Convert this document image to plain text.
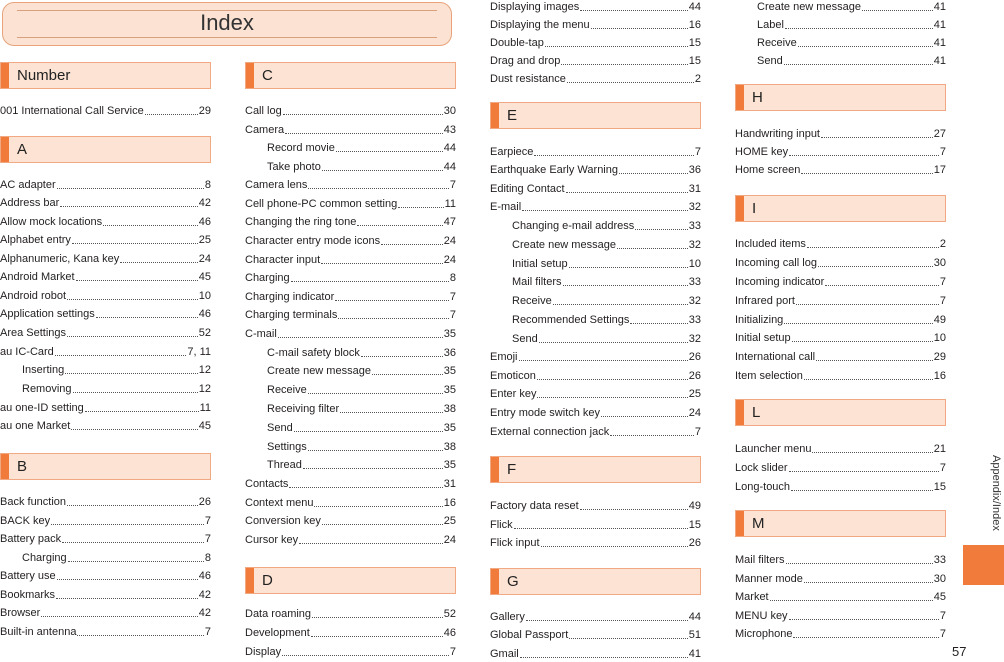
Index
Number
A
B
001 International Call Service	29
AC adapter	8
Address bar	42
Allow mock locations	46
Alphabet entry	25
Alphanumeric, Kana key	24
Android Market	45
Android robot	10
Application settings	46
Area Settings	52
au IC-Card	7, 11
Inserting	12
Removing	12
au one-ID setting	11
au one Market	45
Back function	26
BACK key	7
Battery pack	7
Charging	8
Battery use	46
Bookmarks	42
Browser	42
Built-in antenna	7
C
D
Call log	30
Camera	43
Record movie	44
Take photo	44
Camera lens	7
Cell phone-PC common setting	11
Changing the ring tone	47
Character entry mode icons	24
Character input	24
Charging	8
Charging indicator	7
Charging terminals	7
C-mail	35
C-mail safety block	36
Create new message	35
Receive	35
Receiving filter	38
Send	35
Settings	38
Thread	35
Contacts	31
Context menu	16
Conversion key	25
Cursor key	24
Data roaming	52
Development	46
Display	7
E
F
G
Displaying images	44
Displaying the menu	16
Double-tap	15
Drag and drop	15
Dust resistance	2
Earpiece	7
Earthquake Early Warning	36
Editing Contact	31
E-mail	32
Changing e-mail address	33
Create new message	32
Initial setup	10
Mail filters	33
Receive	32
Recommended Settings	33
Send	32
Emoji	26
Emoticon	26
Enter key	25
Entry mode switch key	24
External connection jack	7
Factory data reset	49
Flick	15
Flick input	26
Gallery	44
Global Passport	51
Gmail	41
H
I
L
M
Create new message	41
Label	41
Receive	41
Send	41
Handwriting input	27
HOME key	7
Home screen	17
Included items	2
Incoming call log	30
Incoming indicator	7
Infrared port	7
Initializing	49
Initial setup	10
International call	29
Item selection	16
Launcher menu	21
Lock slider	7
Long-touch	15
Mail filters	33
Manner mode	30
Market	45
MENU key	7
Microphone	7
Appendix/Index
57
